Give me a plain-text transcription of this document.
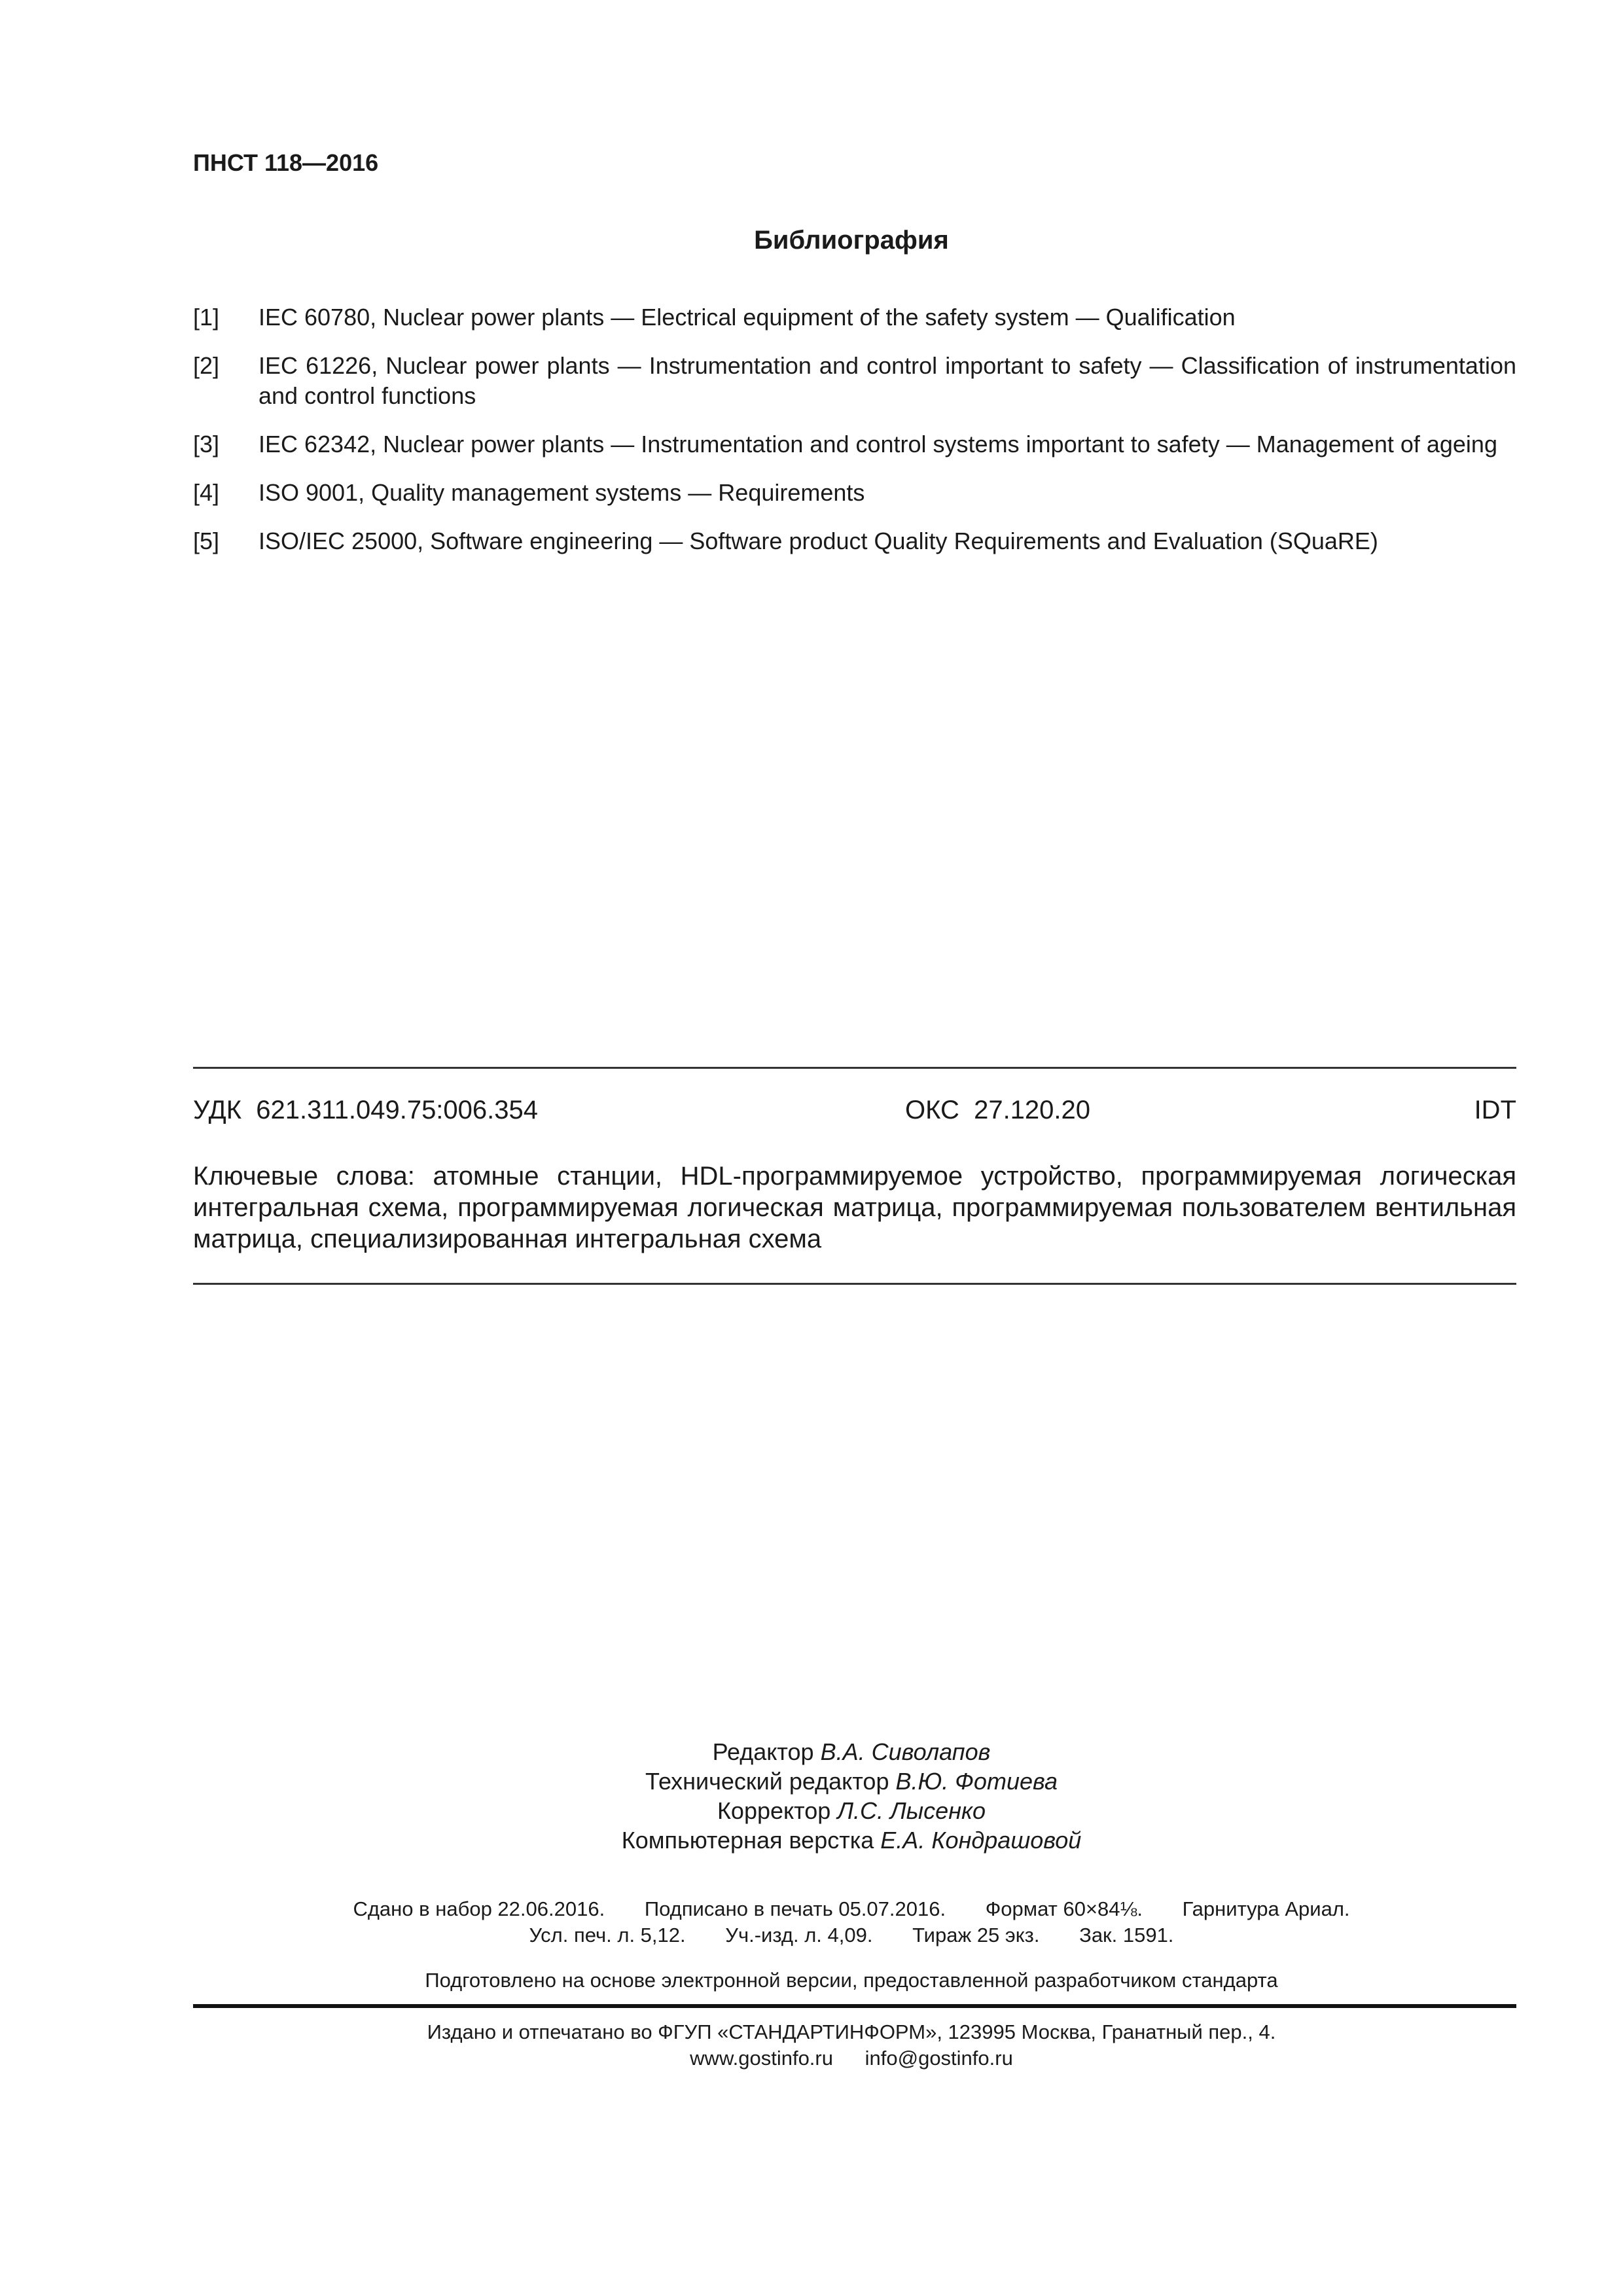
ПНСТ 118—2016
Библиография
[1] IEC 60780, Nuclear power plants — Electrical equipment of the safety system — Qualification
[2] IEC 61226, Nuclear power plants — Instrumentation and control important to safety — Classification of instrumentation and control functions
[3] IEC 62342, Nuclear power plants — Instrumentation and control systems important to safety — Management of ageing
[4] ISO 9001, Quality management systems — Requirements
[5] ISO/IEC 25000, Software engineering — Software product Quality Requirements and Evaluation (SQuaRE)
УДК  621.311.049.75:006.354	ОКС  27.120.20	IDT
Ключевые слова: атомные станции, HDL-программируемое устройство, программируемая логическая интегральная схема, программируемая логическая матрица, программируемая пользователем вентильная матрица, специализированная интегральная схема
Редактор В.А. Сиволапов
Технический редактор В.Ю. Фотиева
Корректор Л.С. Лысенко
Компьютерная верстка Е.А. Кондрашовой
Сдано в набор 22.06.2016. Подписано в печать 05.07.2016. Формат 60×84⅛. Гарнитура Ариал.
Усл. печ. л. 5,12. Уч.-изд. л. 4,09. Тираж 25 экз. Зак. 1591.
Подготовлено на основе электронной версии, предоставленной разработчиком стандарта
Издано и отпечатано во ФГУП «СТАНДАРТИНФОРМ», 123995 Москва, Гранатный пер., 4.
www.gostinfo.ru info@gostinfo.ru
